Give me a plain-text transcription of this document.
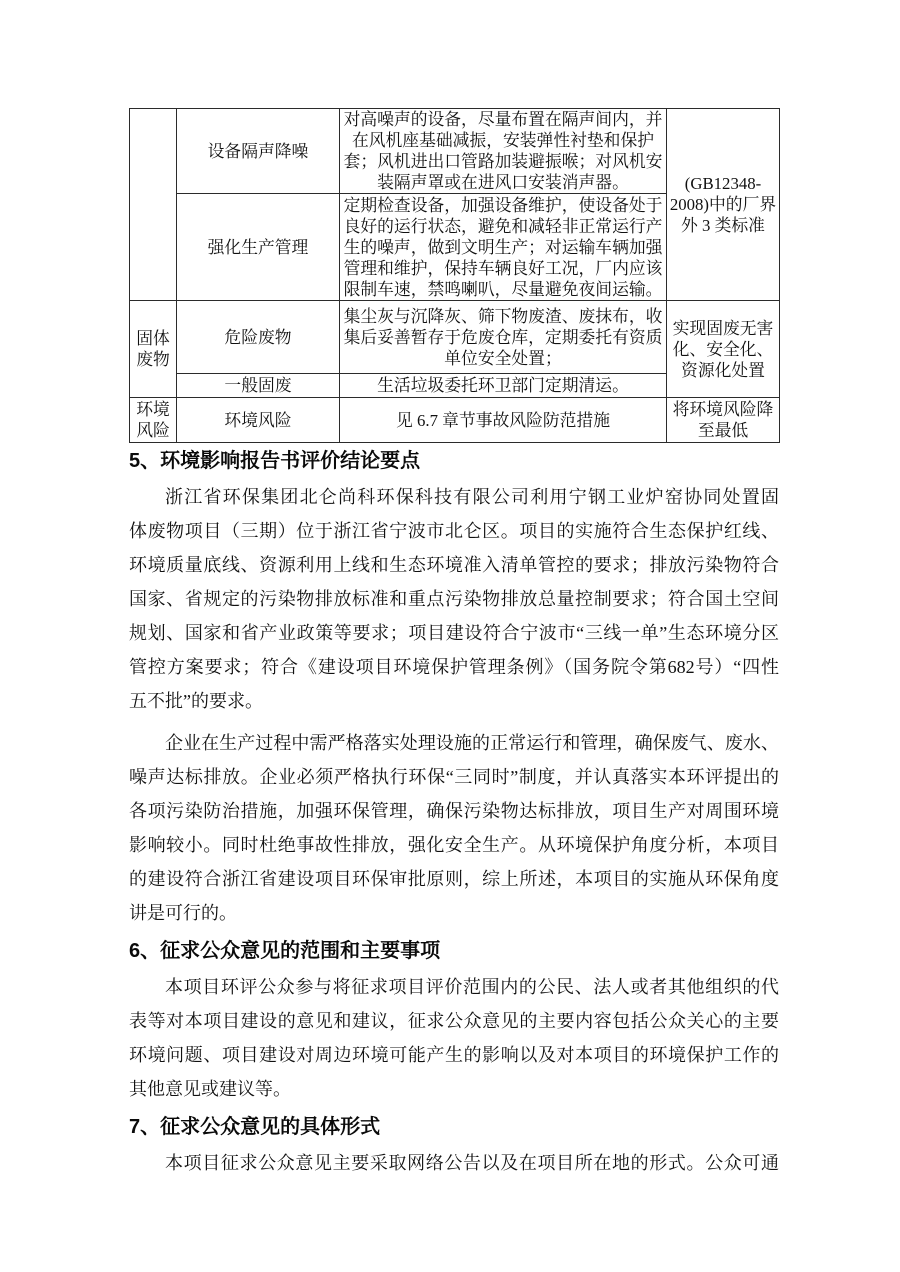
	设备隔声降噪	对高噪声的设备，尽量布置在隔声间内，并在风机座基础减振，安装弹性衬垫和保护套；风机进出口管路加装避振喉；对风机安装隔声罩或在进风口安装消声器。	(GB12348-2008)中的厂界外 3 类标准
	强化生产管理	定期检查设备，加强设备维护，使设备处于良好的运行状态，避免和减轻非正常运行产生的噪声，做到文明生产；对运输车辆加强管理和维护，保持车辆良好工况，厂内应该限制车速，禁鸣喇叭，尽量避免夜间运输。	
固体废物	危险废物	集尘灰与沉降灰、筛下物废渣、废抹布，收集后妥善暂存于危废仓库，定期委托有资质单位安全处置；	实现固废无害化、安全化、资源化处置
	一般固废	生活垃圾委托环卫部门定期清运。	
环境风险	环境风险	见 6.7 章节事故风险防范措施	将环境风险降至最低
5、环境影响报告书评价结论要点
浙江省环保集团北仑尚科环保科技有限公司利用宁钢工业炉窑协同处置固
体废物项目（三期）位于浙江省宁波市北仑区。项目的实施符合生态保护红线、
环境质量底线、资源利用上线和生态环境准入清单管控的要求；排放污染物符合
国家、省规定的污染物排放标准和重点污染物排放总量控制要求；符合国土空间
规划、国家和省产业政策等要求；项目建设符合宁波市“三线一单”生态环境分区
管控方案要求；符合《建设项目环境保护管理条例》（国务院令第682号）“四性
五不批”的要求。
企业在生产过程中需严格落实处理设施的正常运行和管理，确保废气、废水、
噪声达标排放。企业必须严格执行环保“三同时”制度，并认真落实本环评提出的
各项污染防治措施，加强环保管理，确保污染物达标排放，项目生产对周围环境
影响较小。同时杜绝事故性排放，强化安全生产。从环境保护角度分析，本项目
的建设符合浙江省建设项目环保审批原则，综上所述，本项目的实施从环保角度
讲是可行的。
6、征求公众意见的范围和主要事项
本项目环评公众参与将征求项目评价范围内的公民、法人或者其他组织的代
表等对本项目建设的意见和建议，征求公众意见的主要内容包括公众关心的主要
环境问题、项目建设对周边环境可能产生的影响以及对本项目的环境保护工作的
其他意见或建议等。
7、征求公众意见的具体形式
本项目征求公众意见主要采取网络公告以及在项目所在地的形式。公众可通
